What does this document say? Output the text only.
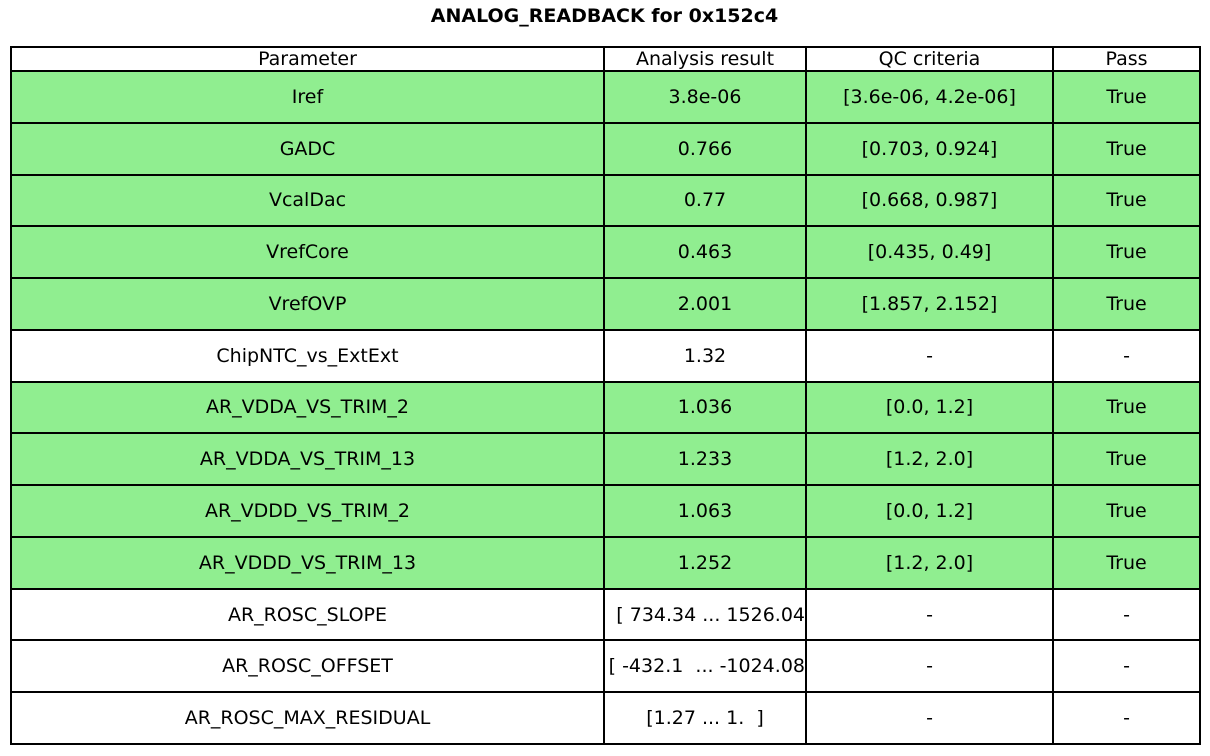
ANALOG_READBACK for 0x152c4
Parameter	Analysis result	QC criteria	Pass
Iref	3.8e-06	[3.6e-06, 4.2e-06]	True
GADC	0.766	[0.703, 0.924]	True
VcalDac	0.77	[0.668, 0.987]	True
VrefCore	0.463	[0.435, 0.49]	True
VrefOVP	2.001	[1.857, 2.152]	True
ChipNTC_vs_ExtExt	1.32	-	-
AR_VDDA_VS_TRIM_2	1.036	[0.0, 1.2]	True
AR_VDDA_VS_TRIM_13	1.233	[1.2, 2.0]	True
AR_VDDD_VS_TRIM_2	1.063	[0.0, 1.2]	True
AR_VDDD_VS_TRIM_13	1.252	[1.2, 2.0]	True
AR_ROSC_SLOPE	[ 734.34 ... 1526.04	-	-
AR_ROSC_OFFSET	[ -432.1  ... -1024.08	-	-
AR_ROSC_MAX_RESIDUAL	[1.27 ... 1.  ]	-	-
